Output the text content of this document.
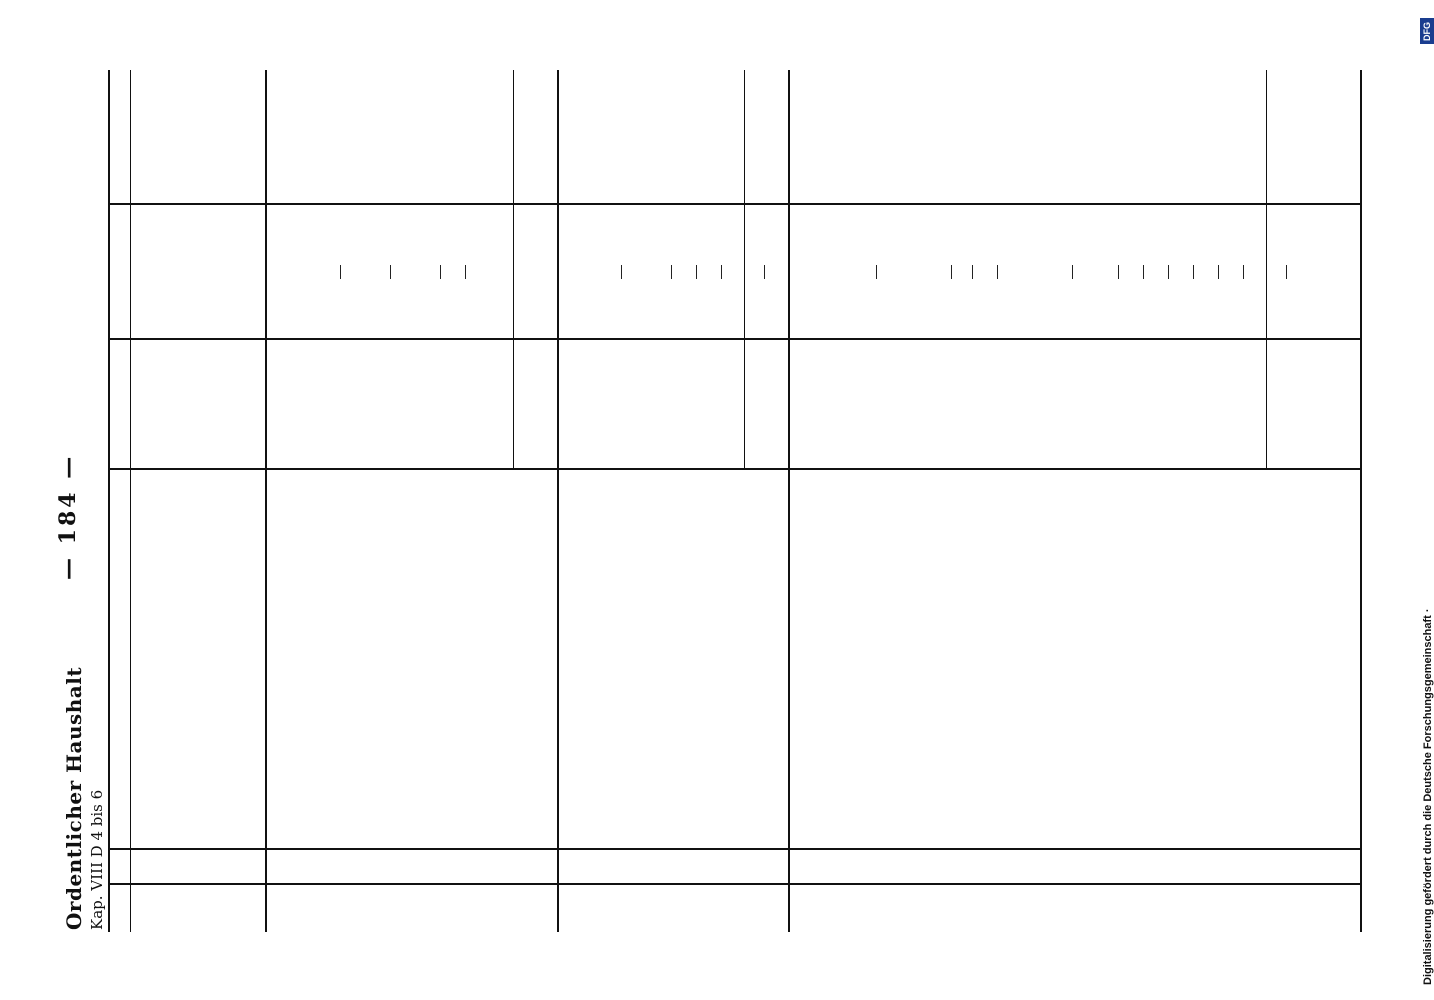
Ordentlicher Haushalt Kap. VIII D 4 bis 6
— 184 —
Digitalisierung gefördert durch die Deutsche Forschungsgemeinschaft ·
DFG
